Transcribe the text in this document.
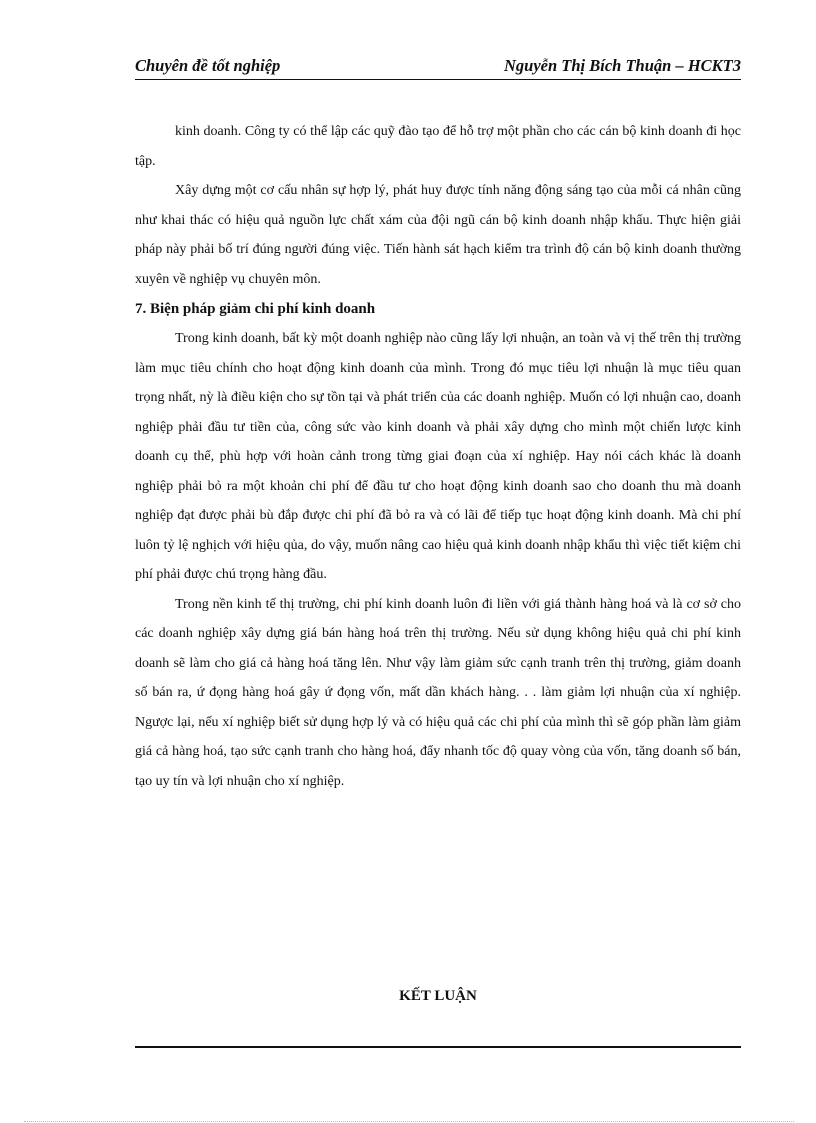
Chuyên đề tốt nghiệp	Nguyễn Thị Bích Thuận – HCKT3

kinh doanh. Công ty có thể lập các quỹ đào tạo để hỗ trợ một phần cho các cán bộ kinh doanh đi học tập.

Xây dựng một cơ cấu nhân sự hợp lý, phát huy được tính năng động sáng tạo của mỗi cá nhân cũng như khai thác có hiệu quả nguồn lực chất xám của đội ngũ cán bộ kinh doanh nhập khẩu. Thực hiện giải pháp này phải bố trí đúng người đúng việc. Tiến hành sát hạch kiểm tra trình độ cán bộ kinh doanh thường xuyên về nghiệp vụ chuyên môn.

7. Biện pháp giảm chi phí kinh doanh

Trong kinh doanh, bất kỳ một doanh nghiệp nào cũng lấy lợi nhuận, an toàn và vị thế trên thị trường làm mục tiêu chính cho hoạt động kinh doanh của mình. Trong đó mục tiêu lợi nhuận là mục tiêu quan trọng nhất, nỳ là điều kiện cho sự tồn tại và phát triển của các doanh nghiệp. Muốn có lợi nhuận cao, doanh nghiệp phải đầu tư tiền của, công sức vào kinh doanh và phải xây dựng cho mình một chiến lược kinh doanh cụ thể, phù hợp với hoàn cảnh trong từng giai đoạn của xí nghiệp. Hay nói cách khác là doanh nghiệp phải bỏ ra một khoản chi phí để đầu tư cho hoạt động kinh doanh sao cho doanh thu mà doanh nghiệp đạt được phải bù đắp được chi phí đã bỏ ra và có lãi để tiếp tục hoạt động kinh doanh. Mà chi phí luôn tỷ lệ nghịch với hiệu qủa, do vậy, muốn nâng cao hiệu quả kinh doanh nhập khẩu thì việc tiết kiệm chi phí phải được chú trọng hàng đầu.

Trong nền kinh tế thị trường, chi phí kinh doanh luôn đi liền với giá thành hàng hoá và là cơ sở cho các doanh nghiệp xây dựng giá bán hàng hoá trên thị trường. Nếu sử dụng không hiệu quả chi phí kinh doanh sẽ làm cho giá cả hàng hoá tăng lên. Như vậy làm giảm sức cạnh tranh trên thị trường, giảm doanh số bán ra, ứ đọng hàng hoá gây ứ đọng vốn, mất dần khách hàng. . . làm giảm lợi nhuận của xí nghiệp. Ngược lại, nếu xí nghiệp biết sử dụng hợp lý và có hiệu quả các chi phí của mình thì sẽ góp phần làm giảm giá cả hàng hoá, tạo sức cạnh tranh cho hàng hoá, đẩy nhanh tốc độ quay vòng của vốn, tăng doanh số bán, tạo uy tín và lợi nhuận cho xí nghiệp.

KẾT LUẬN
